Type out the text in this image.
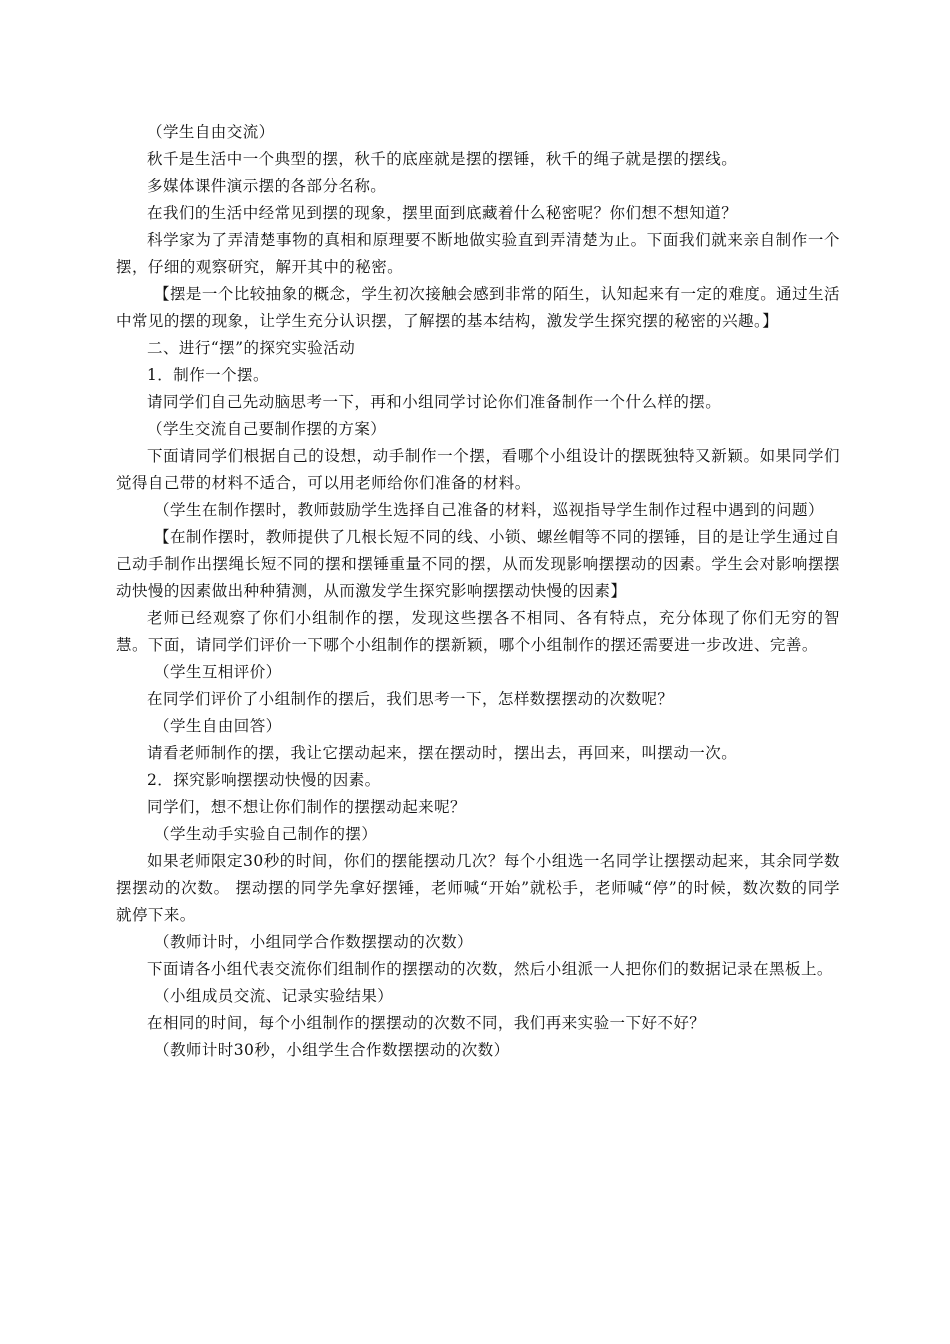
（学生自由交流）

秋千是生活中一个典型的摆，秋千的底座就是摆的摆锤，秋千的绳子就是摆的摆线。

多媒体课件演示摆的各部分名称。

在我们的生活中经常见到摆的现象，摆里面到底藏着什么秘密呢？你们想不想知道？

科学家为了弄清楚事物的真相和原理要不断地做实验直到弄清楚为止。下面我们就来亲自制作一个摆，仔细的观察研究，解开其中的秘密。

【摆是一个比较抽象的概念，学生初次接触会感到非常的陌生，认知起来有一定的难度。通过生活中常见的摆的现象，让学生充分认识摆，了解摆的基本结构，激发学生探究摆的秘密的兴趣。】

二、进行“摆”的探究实验活动

1．制作一个摆。

请同学们自己先动脑思考一下，再和小组同学讨论你们准备制作一个什么样的摆。

（学生交流自己要制作摆的方案）

下面请同学们根据自己的设想，动手制作一个摆，看哪个小组设计的摆既独特又新颖。如果同学们觉得自己带的材料不适合，可以用老师给你们准备的材料。

（学生在制作摆时，教师鼓励学生选择自己准备的材料，巡视指导学生制作过程中遇到的问题）

【在制作摆时，教师提供了几根长短不同的线、小锁、螺丝帽等不同的摆锤，目的是让学生通过自己动手制作出摆绳长短不同的摆和摆锤重量不同的摆，从而发现影响摆摆动的因素。学生会对影响摆摆动快慢的因素做出种种猜测，从而激发学生探究影响摆摆动快慢的因素】

老师已经观察了你们小组制作的摆，发现这些摆各不相同、各有特点，充分体现了你们无穷的智慧。下面，请同学们评价一下哪个小组制作的摆新颖，哪个小组制作的摆还需要进一步改进、完善。

（学生互相评价）

在同学们评价了小组制作的摆后，我们思考一下，怎样数摆摆动的次数呢？

（学生自由回答）

请看老师制作的摆，我让它摆动起来，摆在摆动时，摆出去，再回来，叫摆动一次。

2．探究影响摆摆动快慢的因素。

同学们，想不想让你们制作的摆摆动起来呢？

（学生动手实验自己制作的摆）

如果老师限定30秒的时间，你们的摆能摆动几次？每个小组选一名同学让摆摆动起来，其余同学数摆摆动的次数。 摆动摆的同学先拿好摆锤，老师喊“开始”就松手，老师喊“停”的时候，数次数的同学就停下来。

（教师计时，小组同学合作数摆摆动的次数）

下面请各小组代表交流你们组制作的摆摆动的次数，然后小组派一人把你们的数据记录在黑板上。

（小组成员交流、记录实验结果）

在相同的时间，每个小组制作的摆摆动的次数不同，我们再来实验一下好不好？

（教师计时30秒，小组学生合作数摆摆动的次数）
